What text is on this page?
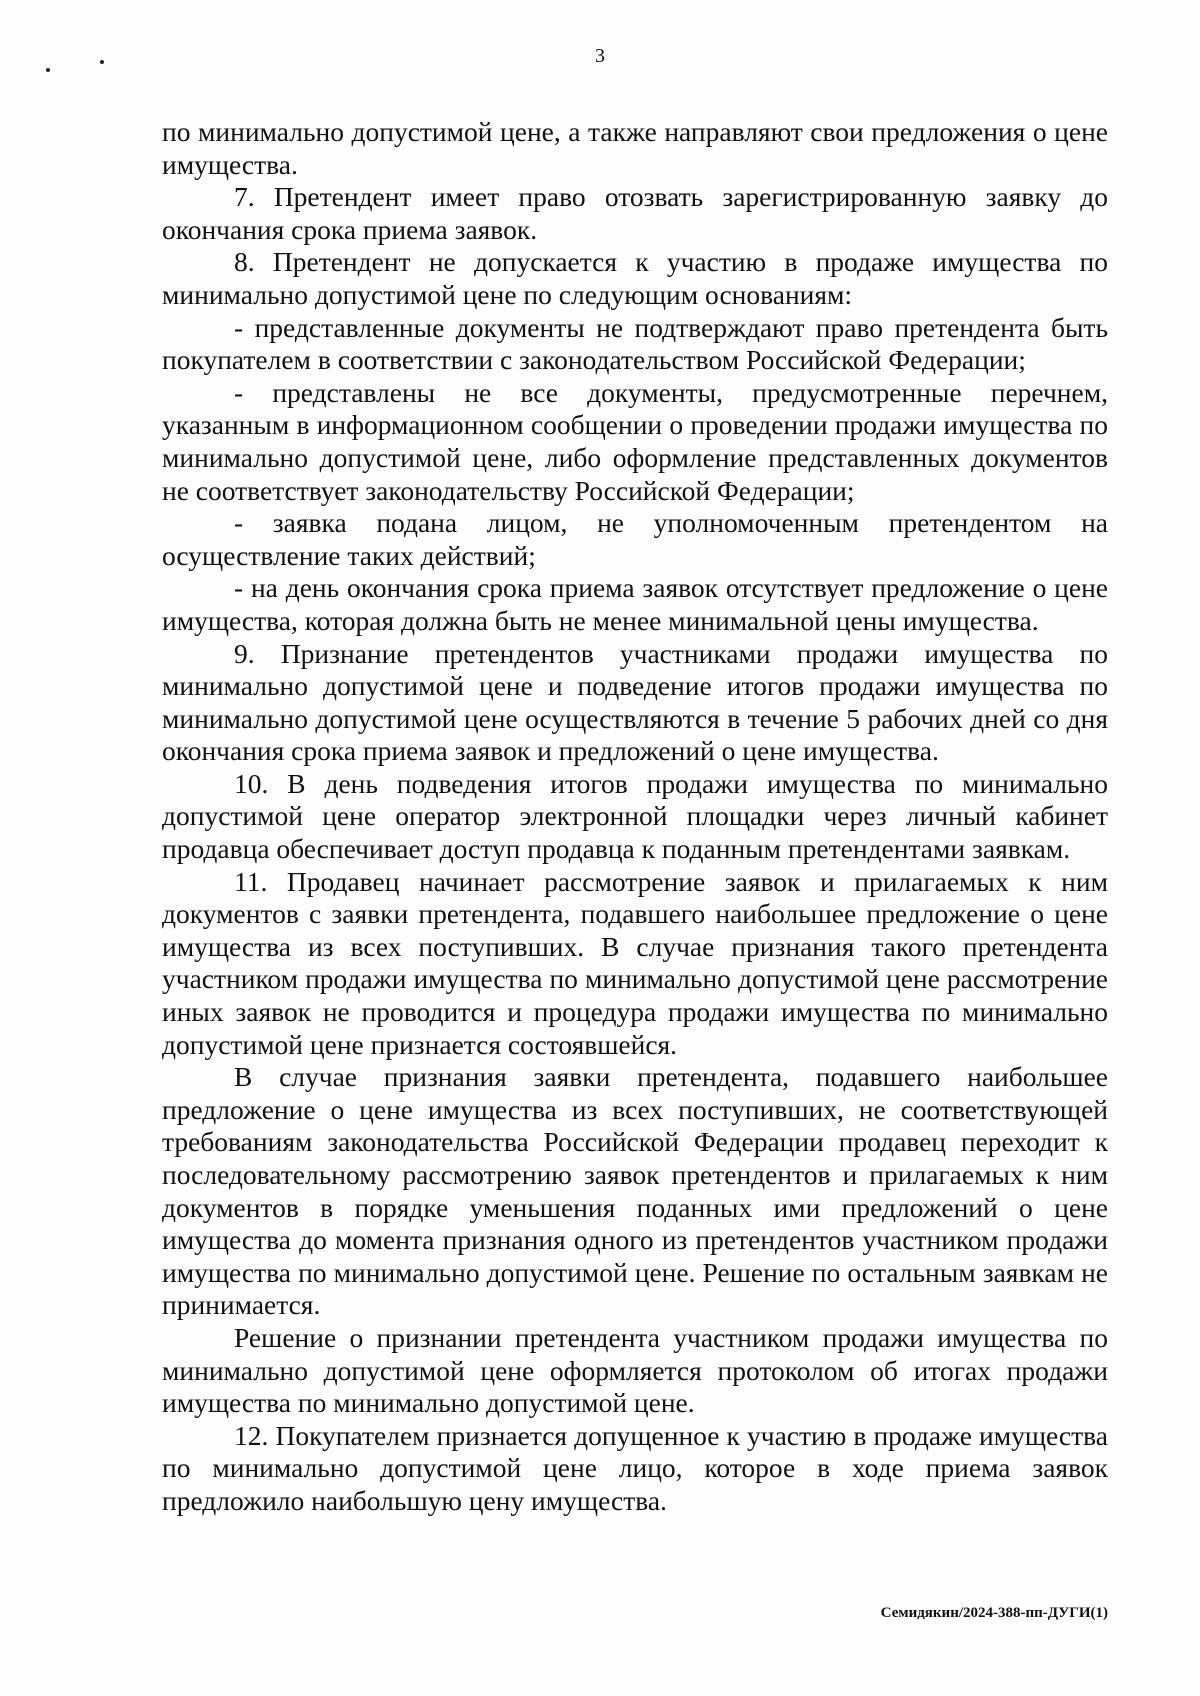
3

по минимально допустимой цене, а также направляют свои предложения о цене имущества.

7. Претендент имеет право отозвать зарегистрированную заявку до окончания срока приема заявок.

8. Претендент не допускается к участию в продаже имущества по минимально допустимой цене по следующим основаниям:

- представленные документы не подтверждают право претендента быть покупателем в соответствии с законодательством Российской Федерации;

- представлены не все документы, предусмотренные перечнем, указанным в информационном сообщении о проведении продажи имущества по минимально допустимой цене, либо оформление представленных документов не соответствует законодательству Российской Федерации;

- заявка подана лицом, не уполномоченным претендентом на осуществление таких действий;

- на день окончания срока приема заявок отсутствует предложение о цене имущества, которая должна быть не менее минимальной цены имущества.

9. Признание претендентов участниками продажи имущества по минимально допустимой цене и подведение итогов продажи имущества по минимально допустимой цене осуществляются в течение 5 рабочих дней со дня окончания срока приема заявок и предложений о цене имущества.

10. В день подведения итогов продажи имущества по минимально допустимой цене оператор электронной площадки через личный кабинет продавца обеспечивает доступ продавца к поданным претендентами заявкам.

11. Продавец начинает рассмотрение заявок и прилагаемых к ним документов с заявки претендента, подавшего наибольшее предложение о цене имущества из всех поступивших. В случае признания такого претендента участником продажи имущества по минимально допустимой цене рассмотрение иных заявок не проводится и процедура продажи имущества по минимально допустимой цене признается состоявшейся.

В случае признания заявки претендента, подавшего наибольшее предложение о цене имущества из всех поступивших, не соответствующей требованиям законодательства Российской Федерации продавец переходит к последовательному рассмотрению заявок претендентов и прилагаемых к ним документов в порядке уменьшения поданных ими предложений о цене имущества до момента признания одного из претендентов участником продажи имущества по минимально допустимой цене. Решение по остальным заявкам не принимается.

Решение о признании претендента участником продажи имущества по минимально допустимой цене оформляется протоколом об итогах продажи имущества по минимально допустимой цене.

12. Покупателем признается допущенное к участию в продаже имущества по минимально допустимой цене лицо, которое в ходе приема заявок предложило наибольшую цену имущества.

Семидякин/2024-388-пп-ДУГИ(1)
